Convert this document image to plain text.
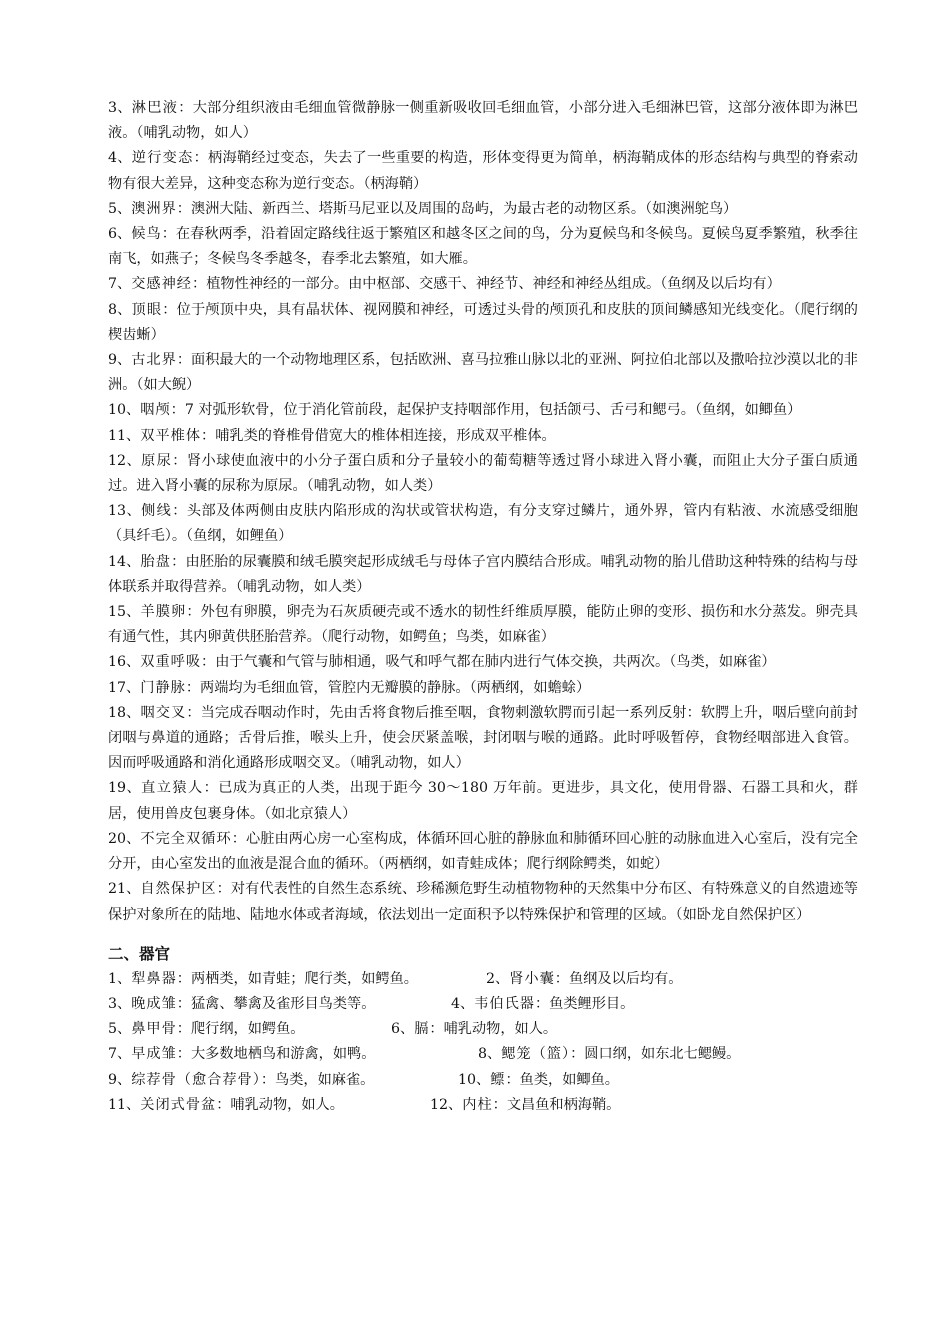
3、淋巴液：大部分组织液由毛细血管微静脉一侧重新吸收回毛细血管，小部分进入毛细淋巴管，这部分液体即为淋巴液。（哺乳动物，如人）

4、逆行变态：柄海鞘经过变态，失去了一些重要的构造，形体变得更为简单，柄海鞘成体的形态结构与典型的脊索动物有很大差异，这种变态称为逆行变态。（柄海鞘）

5、澳洲界：澳洲大陆、新西兰、塔斯马尼亚以及周围的岛屿，为最古老的动物区系。（如澳洲鸵鸟）

6、候鸟：在春秋两季，沿着固定路线往返于繁殖区和越冬区之间的鸟，分为夏候鸟和冬候鸟。夏候鸟夏季繁殖，秋季往南飞，如燕子；冬候鸟冬季越冬，春季北去繁殖，如大雁。

7、交感神经：植物性神经的一部分。由中枢部、交感干、神经节、神经和神经丛组成。（鱼纲及以后均有）

8、顶眼：位于颅顶中央，具有晶状体、视网膜和神经，可透过头骨的颅顶孔和皮肤的顶间鳞感知光线变化。（爬行纲的楔齿蜥）

9、古北界：面积最大的一个动物地理区系，包括欧洲、喜马拉雅山脉以北的亚洲、阿拉伯北部以及撒哈拉沙漠以北的非洲。（如大鲵）

10、咽颅：7 对弧形软骨，位于消化管前段，起保护支持咽部作用，包括颌弓、舌弓和鳃弓。（鱼纲，如鲫鱼）

11、双平椎体：哺乳类的脊椎骨借宽大的椎体相连接，形成双平椎体。

12、原尿：肾小球使血液中的小分子蛋白质和分子量较小的葡萄糖等透过肾小球进入肾小囊，而阻止大分子蛋白质通过。进入肾小囊的尿称为原尿。（哺乳动物，如人类）

13、侧线：头部及体两侧由皮肤内陷形成的沟状或管状构造，有分支穿过鳞片，通外界，管内有粘液、水流感受细胞（具纤毛）。（鱼纲，如鲤鱼）

14、胎盘：由胚胎的尿囊膜和绒毛膜突起形成绒毛与母体子宫内膜结合形成。哺乳动物的胎儿借助这种特殊的结构与母体联系并取得营养。（哺乳动物，如人类）

15、羊膜卵：外包有卵膜，卵壳为石灰质硬壳或不透水的韧性纤维质厚膜，能防止卵的变形、损伤和水分蒸发。卵壳具有通气性，其内卵黄供胚胎营养。（爬行动物，如鳄鱼；鸟类，如麻雀）

16、双重呼吸：由于气囊和气管与肺相通，吸气和呼气都在肺内进行气体交换，共两次。（鸟类，如麻雀）

17、门静脉：两端均为毛细血管，管腔内无瓣膜的静脉。（两栖纲，如蟾蜍）

18、咽交叉：当完成吞咽动作时，先由舌将食物后推至咽，食物刺激软腭而引起一系列反射：软腭上升，咽后壁向前封闭咽与鼻道的通路；舌骨后推，喉头上升，使会厌紧盖喉，封闭咽与喉的通路。此时呼吸暂停，食物经咽部进入食管。因而呼吸通路和消化通路形成咽交叉。（哺乳动物，如人）

19、直立猿人：已成为真正的人类，出现于距今 30～180 万年前。更进步，具文化，使用骨器、石器工具和火，群居，使用兽皮包裹身体。（如北京猿人）

20、不完全双循环：心脏由两心房一心室构成，体循环回心脏的静脉血和肺循环回心脏的动脉血进入心室后，没有完全分开，由心室发出的血液是混合血的循环。（两栖纲，如青蛙成体；爬行纲除鳄类，如蛇）

21、自然保护区：对有代表性的自然生态系统、珍稀濒危野生动植物物种的天然集中分布区、有特殊意义的自然遗迹等保护对象所在的陆地、陆地水体或者海域，依法划出一定面积予以特殊保护和管理的区域。（如卧龙自然保护区）

二、器官
1、犁鼻器：两栖类，如青蛙；爬行类，如鳄鱼。	2、肾小囊：鱼纲及以后均有。
3、晚成雏：猛禽、攀禽及雀形目鸟类等。	4、韦伯氏器：鱼类鲤形目。
5、鼻甲骨：爬行纲，如鳄鱼。	6、膈：哺乳动物，如人。
7、早成雏：大多数地栖鸟和游禽，如鸭。	8、鳃笼（篮）：圆口纲，如东北七鳃鳗。
9、综荐骨（愈合荐骨）：鸟类，如麻雀。	10、鳔：鱼类，如鲫鱼。
11、关闭式骨盆：哺乳动物，如人。	12、内柱：文昌鱼和柄海鞘。
